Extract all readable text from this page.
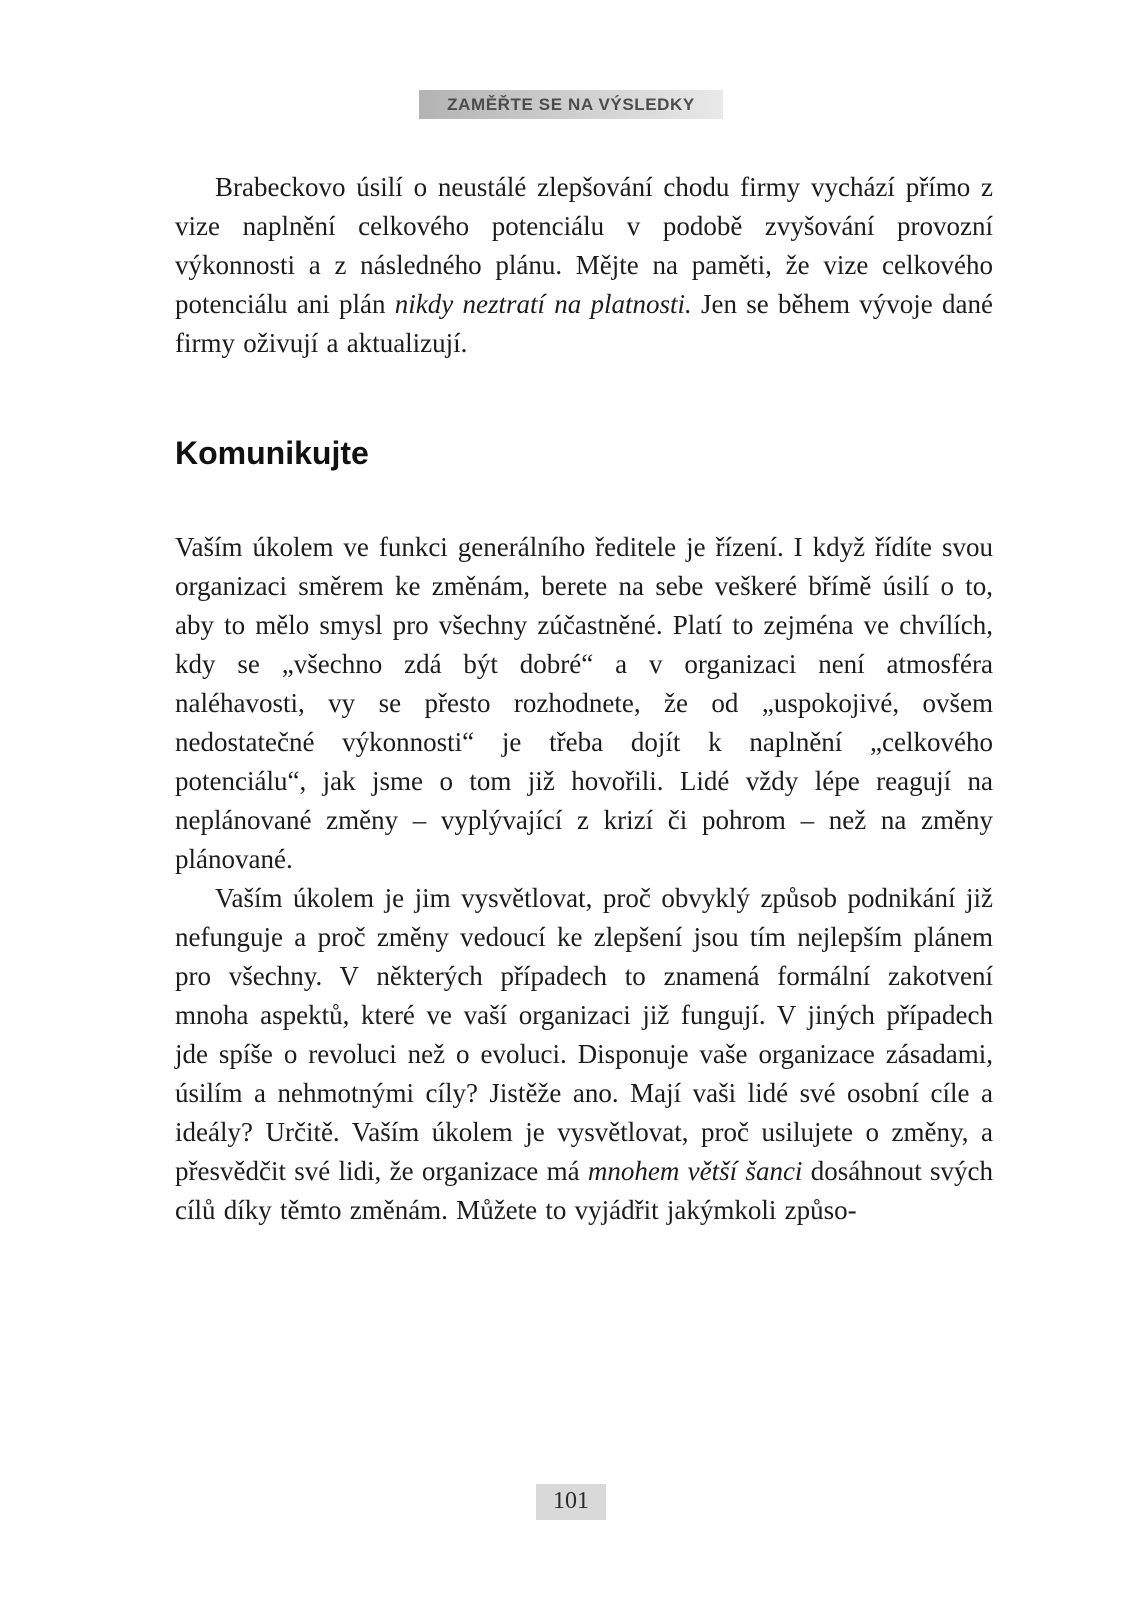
ZAMĚŘTE SE NA VÝSLEDKY

Brabeckovo úsilí o neustálé zlepšování chodu firmy vychází přímo z vize naplnění celkového potenciálu v podobě zvyšování provozní výkonnosti a z následného plánu. Mějte na paměti, že vize celkového potenciálu ani plán nikdy neztratí na platnosti. Jen se během vývoje dané firmy oživují a aktualizují.

Komunikujte

Vaším úkolem ve funkci generálního ředitele je řízení. I když řídíte svou organizaci směrem ke změnám, berete na sebe veškeré břímě úsilí o to, aby to mělo smysl pro všechny zúčastněné. Platí to zejména ve chvílích, kdy se „všechno zdá být dobré“ a v organizaci není atmosféra naléhavosti, vy se přesto rozhodnete, že od „uspokojivé, ovšem nedostatečné výkonnosti“ je třeba dojít k naplnění „celkového potenciálu“, jak jsme o tom již hovořili. Lidé vždy lépe reagují na neplánované změny – vyplývající z krizí či pohrom – než na změny plánované.

Vaším úkolem je jim vysvětlovat, proč obvyklý způsob podnikání již nefunguje a proč změny vedoucí ke zlepšení jsou tím nejlepším plánem pro všechny. V některých případech to znamená formální zakotvení mnoha aspektů, které ve vaší organizaci již fungují. V jiných případech jde spíše o revoluci než o evoluci. Disponuje vaše organizace zásadami, úsilím a nehmotnými cíly? Jistěže ano. Mají vaši lidé své osobní cíle a ideály? Určitě. Vaším úkolem je vysvětlovat, proč usilujete o změny, a přesvědčit své lidi, že organizace má mnohem větší šanci dosáhnout svých cílů díky těmto změnám. Můžete to vyjádřit jakýmkoli způso-

101
